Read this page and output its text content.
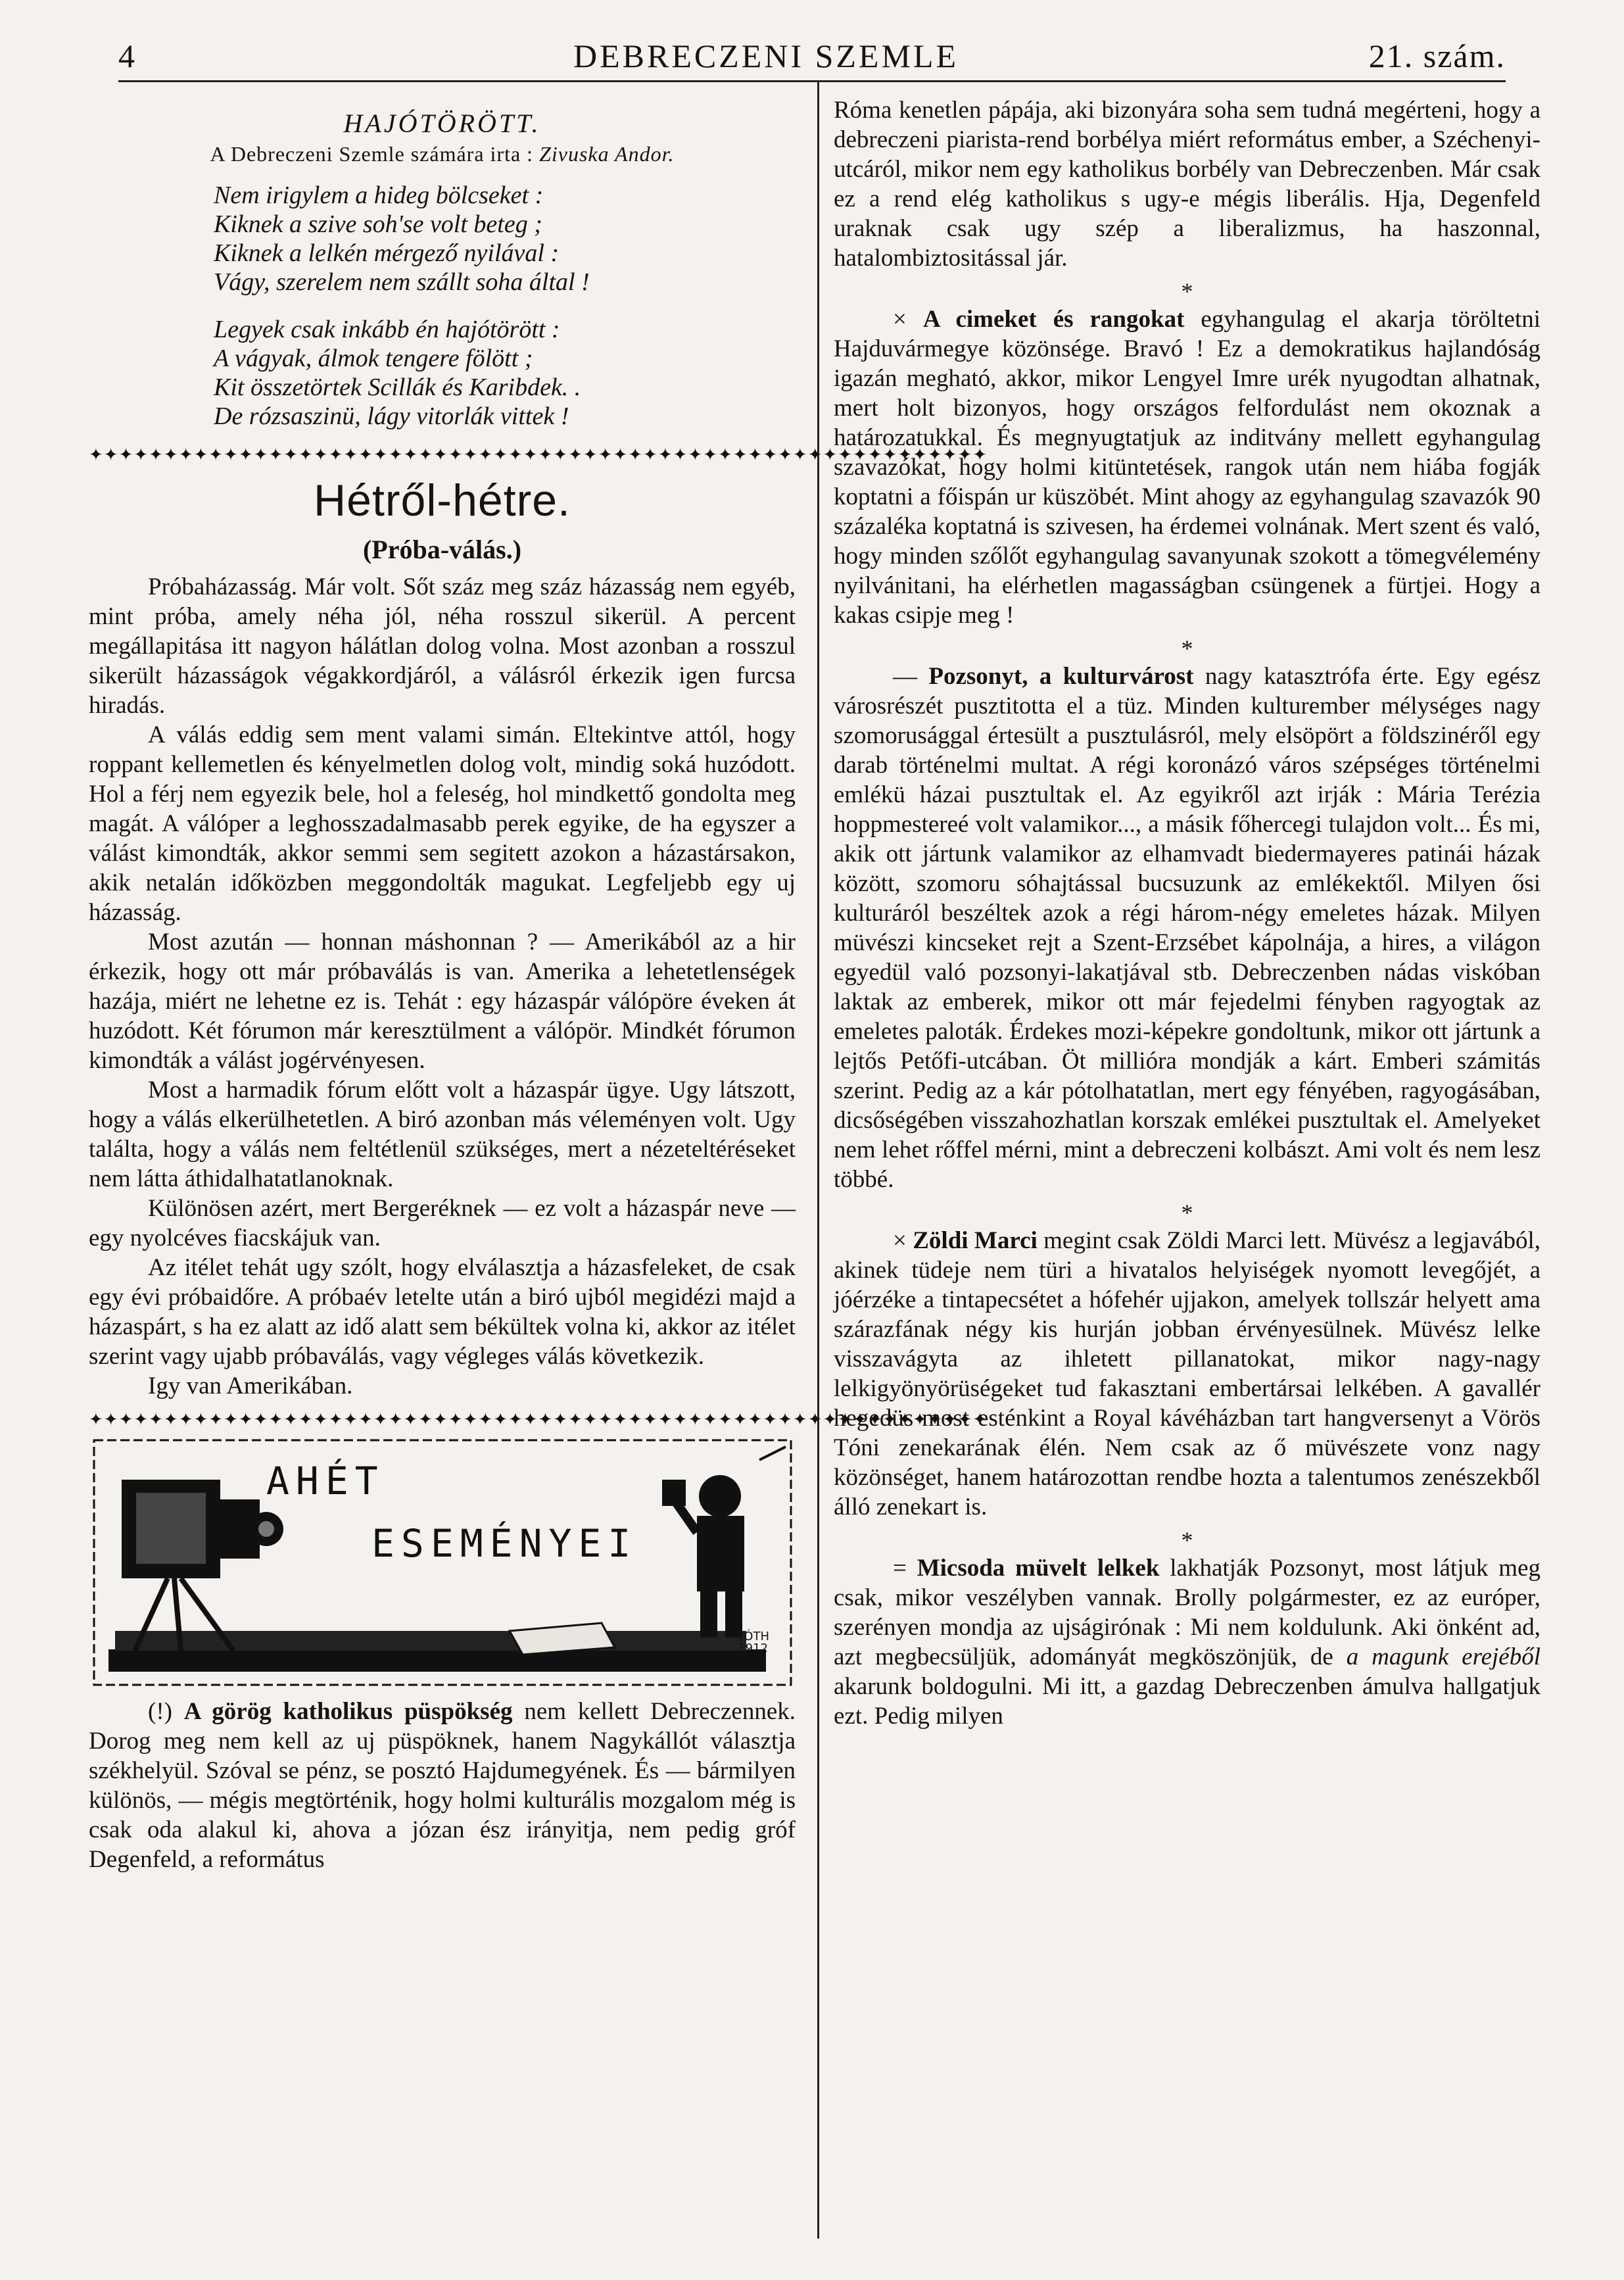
4	DEBRECZENI SZEMLE	21. szám.
HAJÓTÖRÖTT.
A Debreczeni Szemle számára irta : Zivuska Andor.
Nem irigylem a hideg bölcseket :
Kiknek a szive soh'se volt beteg ;
Kiknek a lelkén mérgező nyilával :
Vágy, szerelem nem szállt soha által !
Legyek csak inkább én hajótörött :
A vágyak, álmok tengere fölött ;
Kit összetörtek Scillák és Karibdek. .
De rózsaszinü, lágy vitorlák vittek !
✦✦✦✦✦✦✦✦✦✦✦✦✦✦✦✦✦✦✦✦✦✦✦✦✦✦✦✦✦✦✦✦✦✦✦✦✦✦✦✦✦✦✦✦✦✦✦✦✦✦✦✦✦✦✦✦✦✦✦✦
Hétről-hétre.
(Próba-válás.)

Próbaházasság. Már volt. Sőt száz meg száz házasság nem egyéb, mint próba, amely néha jól, néha rosszul sikerül. A percent megállapitása itt nagyon hálátlan dolog volna. Most azonban a rosszul sikerült házasságok végakkordjáról, a válásról érkezik igen furcsa hiradás.

A válás eddig sem ment valami simán. Eltekintve attól, hogy roppant kellemetlen és kényelmetlen dolog volt, mindig soká huzódott. Hol a férj nem egyezik bele, hol a feleség, hol mindkettő gondolta meg magát. A válóper a leghosszadalmasabb perek egyike, de ha egyszer a válást kimondták, akkor semmi sem segitett azokon a házastársakon, akik netalán időközben meggondolták magukat. Legfeljebb egy uj házasság.

Most azután — honnan máshonnan ? — Amerikából az a hir érkezik, hogy ott már próbaválás is van. Amerika a lehetetlenségek hazája, miért ne lehetne ez is. Tehát : egy házaspár válópöre éveken át huzódott. Két fórumon már keresztülment a válópör. Mindkét fórumon kimondták a válást jogérvényesen.

Most a harmadik fórum előtt volt a házaspár ügye. Ugy látszott, hogy a válás elkerülhetetlen. A biró azonban más véleményen volt. Ugy találta, hogy a válás nem feltétlenül szükséges, mert a nézeteltéréseket nem látta áthidalhatatlanoknak.

Különösen azért, mert Bergeréknek — ez volt a házaspár neve — egy nyolcéves fiacskájuk van.

Az itélet tehát ugy szólt, hogy elválasztja a házasfeleket, de csak egy évi próbaidőre. A próbaév letelte után a biró ujból megidézi majd a házaspárt, s ha ez alatt az idő alatt sem békültek volna ki, akkor az itélet szerint vagy ujabb próbaválás, vagy végleges válás következik.

Igy van Amerikában.

✦✦✦✦✦✦✦✦✦✦✦✦✦✦✦✦✦✦✦✦✦✦✦✦✦✦✦✦✦✦✦✦✦✦✦✦✦✦✦✦✦✦✦✦✦✦✦✦✦✦✦✦✦✦✦✦✦✦✦✦
AHÉT
ESEMÉNYEI
TÓTH
1912

(!) A görög katholikus püspökség nem kellett Debreczennek. Dorog meg nem kell az uj püspöknek, hanem Nagykállót választja székhelyül. Szóval se pénz, se posztó Hajdumegyének. És — bármilyen különös, — mégis megtörténik, hogy holmi kulturális mozgalom még is csak oda alakul ki, ahova a józan ész irányitja, nem pedig gróf Degenfeld, a református

Róma kenetlen pápája, aki bizonyára soha sem tudná megérteni, hogy a debreczeni piarista-rend borbélya miért református ember, a Széchenyi-utcáról, mikor nem egy katholikus borbély van Debreczenben. Már csak ez a rend elég katholikus s ugy-e mégis liberális. Hja, Degenfeld uraknak csak ugy szép a liberalizmus, ha haszonnal, hatalombiztositással jár.

*

× A cimeket és rangokat egyhangulag el akarja töröltetni Hajduvármegye közönsége. Bravó ! Ez a demokratikus hajlandóság igazán megható, akkor, mikor Lengyel Imre urék nyugodtan alhatnak, mert holt bizonyos, hogy országos felfordulást nem okoznak a határozatukkal. És megnyugtatjuk az inditvány mellett egyhangulag szavazókat, hogy holmi kitüntetések, rangok után nem hiába fogják koptatni a főispán ur küszöbét. Mint ahogy az egyhangulag szavazók 90 százaléka koptatná is szivesen, ha érdemei volnának. Mert szent és való, hogy minden szőlőt egyhangulag savanyunak szokott a tömegvélemény nyilvánitani, ha elérhetlen magasságban csüngenek a fürtjei. Hogy a kakas csipje meg !

*

— Pozsonyt, a kulturvárost nagy katasztrófa érte. Egy egész városrészét pusztitotta el a tüz. Minden kulturember mélységes nagy szomorusággal értesült a pusztulásról, mely elsöpört a földszinéről egy darab történelmi multat. A régi koronázó város szépséges történelmi emlékü házai pusztultak el. Az egyikről azt irják : Mária Terézia hoppmestereé volt valamikor..., a másik főhercegi tulajdon volt... És mi, akik ott jártunk valamikor az elhamvadt biedermayeres patinái házak között, szomoru sóhajtással bucsuzunk az emlékektől. Milyen ősi kulturáról beszéltek azok a régi három-négy emeletes házak. Milyen müvészi kincseket rejt a Szent-Erzsébet kápolnája, a hires, a világon egyedül való pozsonyi-lakatjával stb. Debreczenben nádas viskóban laktak az emberek, mikor ott már fejedelmi fényben ragyogtak az emeletes paloták. Érdekes mozi-képekre gondoltunk, mikor ott jártunk a lejtős Petőfi-utcában. Öt millióra mondják a kárt. Emberi számitás szerint. Pedig az a kár pótolhatatlan, mert egy fényében, ragyogásában, dicsőségében visszahozhatlan korszak emlékei pusztultak el. Amelyeket nem lehet rőffel mérni, mint a debreczeni kolbászt. Ami volt és nem lesz többé.

*

× Zöldi Marci megint csak Zöldi Marci lett. Müvész a legjavából, akinek tüdeje nem türi a hivatalos helyiségek nyomott levegőjét, a jóérzéke a tintapecsétet a hófehér ujjakon, amelyek tollszár helyett ama szárazfának négy kis hurján jobban érvényesülnek. Müvész lelke visszavágyta az ihletett pillanatokat, mikor nagy-nagy lelkigyönyörüségeket tud fakasztani embertársai lelkében. A gavallér hegedüs most esténkint a Royal kávéházban tart hangversenyt a Vörös Tóni zenekarának élén. Nem csak az ő müvészete vonz nagy közönséget, hanem határozottan rendbe hozta a talentumos zenészekből álló zenekart is.

*

= Micsoda müvelt lelkek lakhatják Pozsonyt, most látjuk meg csak, mikor veszélyben vannak. Brolly polgármester, ez az európer, szerényen mondja az ujságirónak : Mi nem koldulunk. Aki önként ad, azt megbecsüljük, adományát megköszönjük, de a magunk erejéből akarunk boldogulni. Mi itt, a gazdag Debreczenben ámulva hallgatjuk ezt. Pedig milyen
